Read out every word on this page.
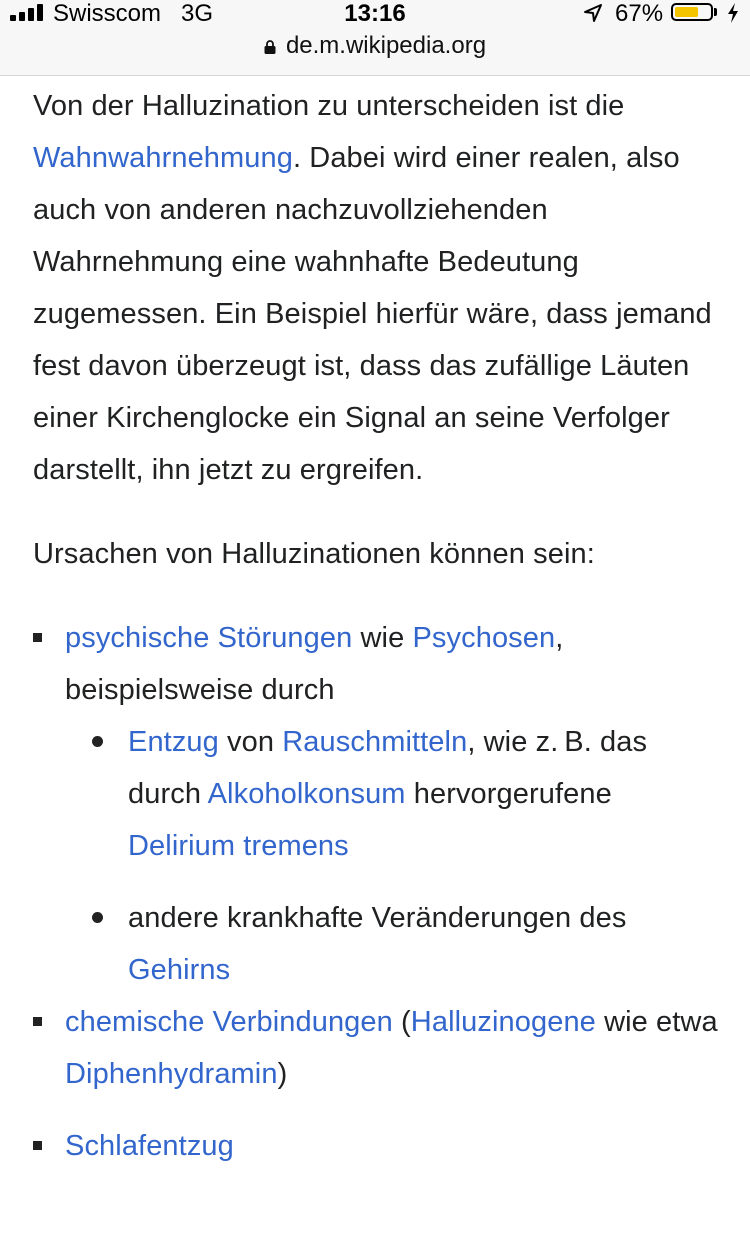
Swisscom 3G	13:16	67%
de.m.wikipedia.org

Von der Halluzination zu unterscheiden ist die Wahnwahrnehmung. Dabei wird einer realen, also auch von anderen nachzuvollziehenden Wahrnehmung eine wahnhafte Bedeutung zugemessen. Ein Beispiel hierfür wäre, dass jemand fest davon überzeugt ist, dass das zufällige Läuten einer Kirchenglocke ein Signal an seine Verfolger darstellt, ihn jetzt zu ergreifen.

Ursachen von Halluzinationen können sein:

psychische Störungen wie Psychosen, beispielsweise durch
Entzug von Rauschmitteln, wie z. B. das durch Alkoholkonsum hervorgerufene Delirium tremens
andere krankhafte Veränderungen des Gehirns
chemische Verbindungen (Halluzinogene wie etwa Diphenhydramin)
Schlafentzug
